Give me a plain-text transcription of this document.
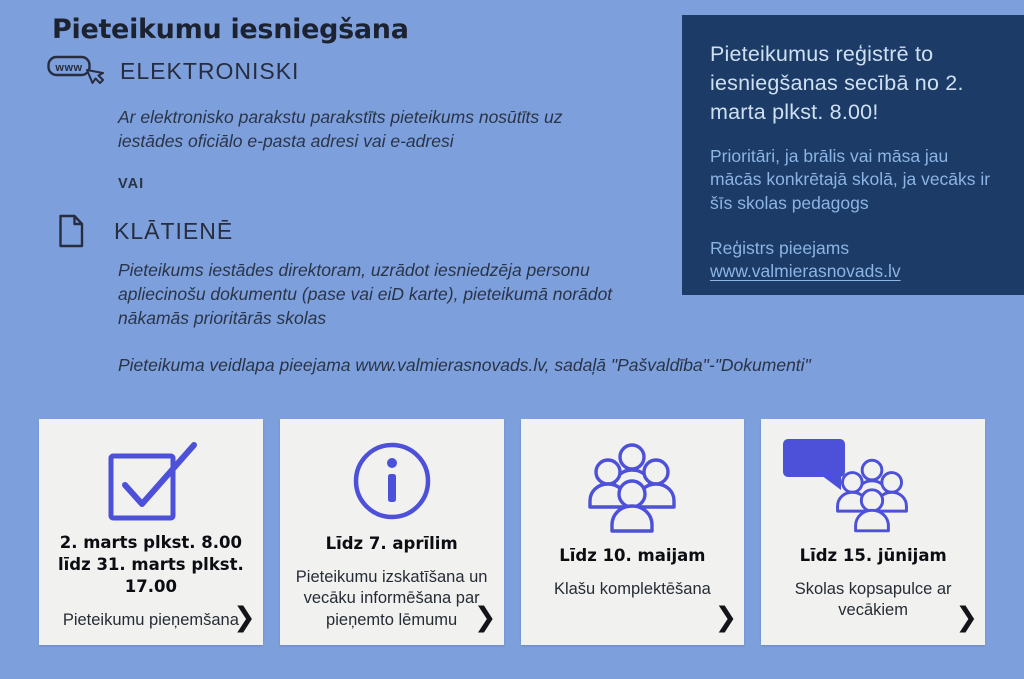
Pieteikumu iesniegšana
www ELEKTRONISKI
Ar elektronisko parakstu parakstīts pieteikums nosūtīts uz iestādes oficiālo e-pasta adresi vai e-adresi
VAI
KLĀTIENĒ
Pieteikums iestādes direktoram, uzrādot iesniedzēja personu apliecinošu dokumentu (pase vai eiD karte), pieteikumā norādot nākamās prioritārās skolas
Pieteikuma veidlapa pieejama www.valmierasnovads.lv, sadaļā "Pašvaldība"-"Dokumenti"
Pieteikumus reģistrē to iesniegšanas secībā no 2. marta plkst. 8.00!
Prioritāri, ja brālis vai māsa jau mācās konkrētajā skolā, ja vecāks ir šīs skolas pedagogs
Reģistrs pieejams
www.valmierasnovads.lv
2. marts plkst. 8.00 līdz 31. marts plkst. 17.00
Pieteikumu pieņemšana
❯
Līdz 7. aprīlim
Pieteikumu izskatīšana un vecāku informēšana par pieņemto lēmumu ❯
Līdz 10. maijam
Klašu komplektēšana
❯
Līdz 15. jūnijam
Skolas kopsapulce ar vecākiem	❯
